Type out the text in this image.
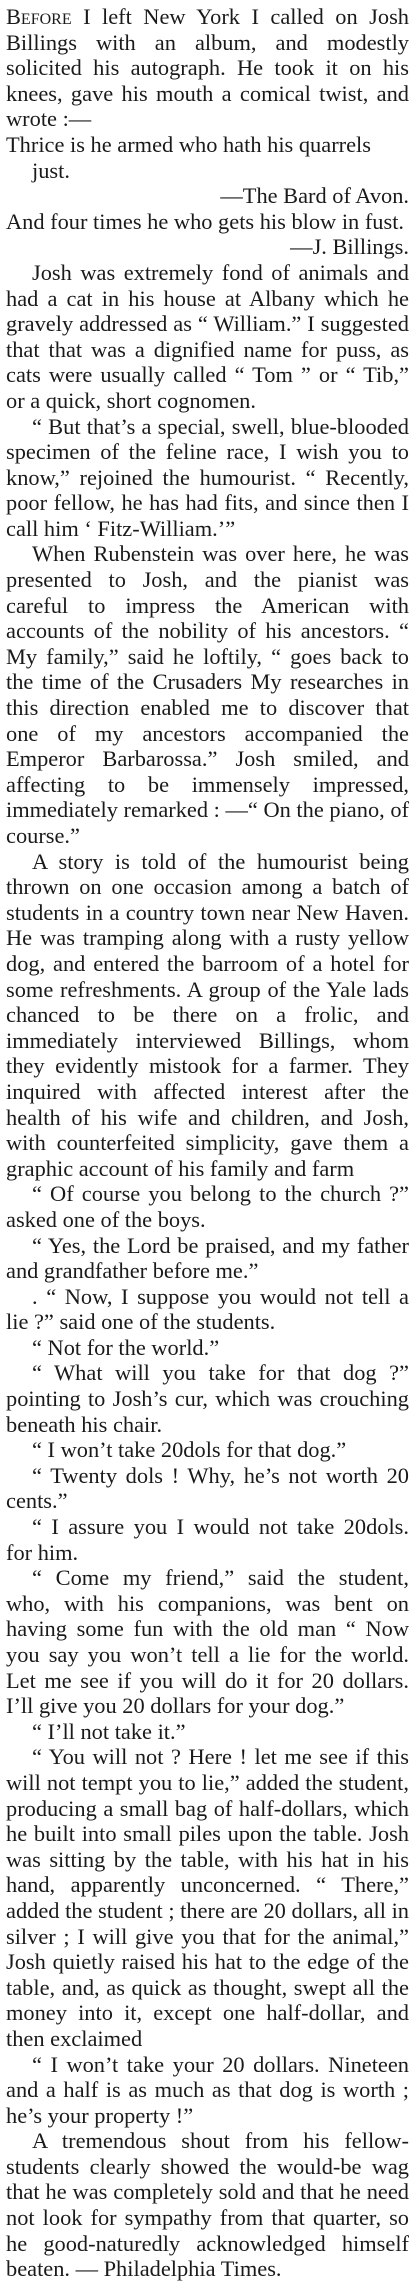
Before I left New York I called on Josh Billings with an album, and modestly solicited his autograph. He took it on his knees, gave his mouth a comical twist, and wrote :—

Thrice is he armed who hath his quarrels just.

—The Bard of Avon.

And four times he who gets his blow in fust.

—J. Billings.

Josh was extremely fond of animals and had a cat in his house at Albany which he gravely addressed as “ William.” I suggested that that was a dignified name for puss, as cats were usually called “ Tom ” or “ Tib,” or a quick, short cognomen.

“ But that’s a special, swell, blue-blooded specimen of the feline race, I wish you to know,” rejoined the humourist. “ Recently, poor fellow, he has had fits, and since then I call him ‘ Fitz-William.’”

When Rubenstein was over here, he was presented to Josh, and the pianist was careful to impress the American with accounts of the nobility of his ancestors. “ My family,” said he loftily, “ goes back to the time of the Crusaders My researches in this direction enabled me to discover that one of my ancestors accompanied the Emperor Barbarossa.” Josh smiled, and affecting to be immensely impressed, immediately remarked : —“ On the piano, of course.”

A story is told of the humourist being thrown on one occasion among a batch of students in a country town near New Haven. He was tramping along with a rusty yellow dog, and entered the barroom of a hotel for some refreshments. A group of the Yale lads chanced to be there on a frolic, and immediately interviewed Billings, whom they evidently mistook for a farmer. They inquired with affected interest after the health of his wife and children, and Josh, with counterfeited simplicity, gave them a graphic account of his family and farm

“ Of course you belong to the church ?” asked one of the boys.

“ Yes, the Lord be praised, and my father and grandfather before me.”

. “ Now, I suppose you would not tell a lie ?” said one of the students.

“ Not for the world.”

“ What will you take for that dog ?” pointing to Josh’s cur, which was crouching beneath his chair.

“ I won’t take 20dols for that dog.”

“ Twenty dols ! Why, he’s not worth 20 cents.”

“ I assure you I would not take 20dols. for him.

“ Come my friend,” said the student, who, with his companions, was bent on having some fun with the old man “ Now you say you won’t tell a lie for the world. Let me see if you will do it for 20 dollars. I’ll give you 20 dollars for your dog.”

“ I’ll not take it.”

“ You will not ? Here ! let me see if this will not tempt you to lie,” added the student, producing a small bag of half-dollars, which he built into small piles upon the table. Josh was sitting by the table, with his hat in his hand, apparently unconcerned. “ There,” added the student ; there are 20 dollars, all in silver ; I will give you that for the animal,” Josh quietly raised his hat to the edge of the table, and, as quick as thought, swept all the money into it, except one half-dollar, and then exclaimed

“ I won’t take your 20 dollars. Nineteen and a half is as much as that dog is worth ; he’s your property !”

A tremendous shout from his fellow-students clearly showed the would-be wag that he was completely sold and that he need not look for sympathy from that quarter, so he good-naturedly acknowledged himself beaten. — Philadelphia Times.
